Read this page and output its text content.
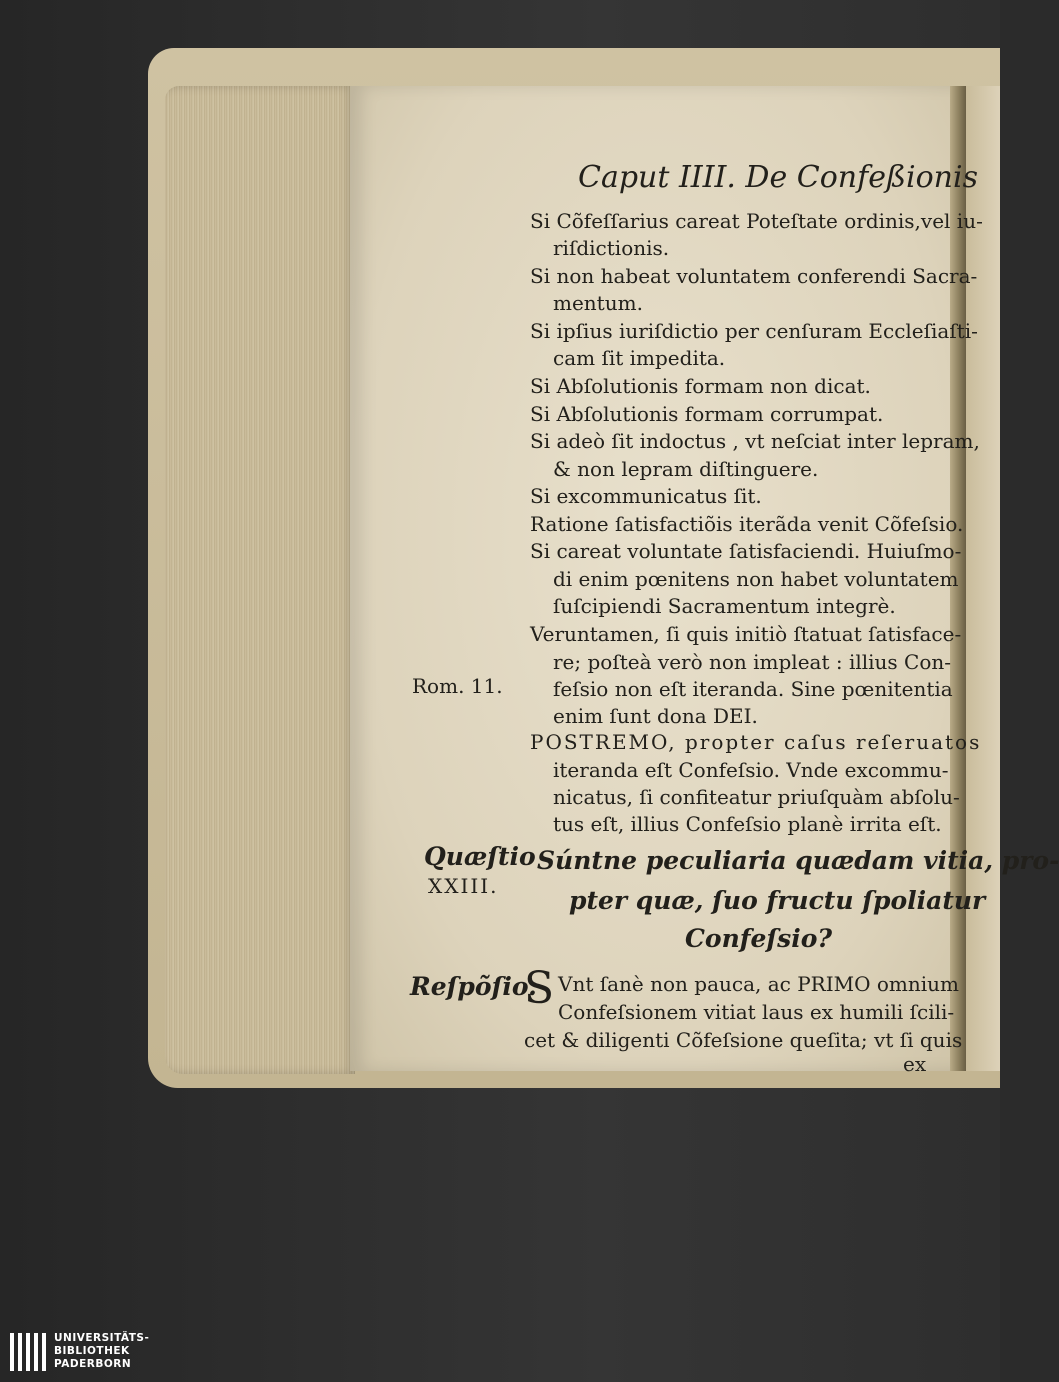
Caput IIII. De Confeßionis
Si Cõfeſſarius careat Poteſtate ordinis,vel iu-
riſdictionis.
Si non habeat voluntatem conferendi Sacra-
mentum.
Si ipſius iuriſdictio per cenſuram Eccleſiaſti-
cam ſit impedita.
Si Abſolutionis formam non dicat.
Si Abſolutionis formam corrumpat.
Si adeò ſit indoctus , vt neſciat inter lepram,
& non lepram diſtinguere.
Si excommunicatus ſit.
Ratione ſatisfactiõis iterãda venit Cõfeſsio.
Si careat voluntate ſatisfaciendi. Huiuſmo-
di enim pœnitens non habet voluntatem
ſuſcipiendi Sacramentum integrè.
Veruntamen, ſi quis initiò ſtatuat ſatisface-
re; poſteà verò non impleat : illius Con-
feſsio non eſt iteranda. Sine pœnitentia
enim ſunt dona DEI.
POSTREMO, propter caſus reſeruatos
iteranda eſt Confeſsio. Vnde excommu-
nicatus, ſi confiteatur priuſquàm abſolu-
tus eſt, illius Confeſsio planè irrita eſt.
Rom. 11.
Quæſtio
XXIII.
Súntne peculiaria quædam vitia, pro-
pter quæ, ſuo fructu ſpoliatur
Confeſsio?
Reſpõſio.
S Vnt ſanè non pauca, ac PRIMO omnium
Confeſsionem vitiat laus ex humili ſcili-
cet & diligenti Cõfeſsione queſita; vt ſi quis
ex
UNIVERSITÄTS-
BIBLIOTHEK
PADERBORN
